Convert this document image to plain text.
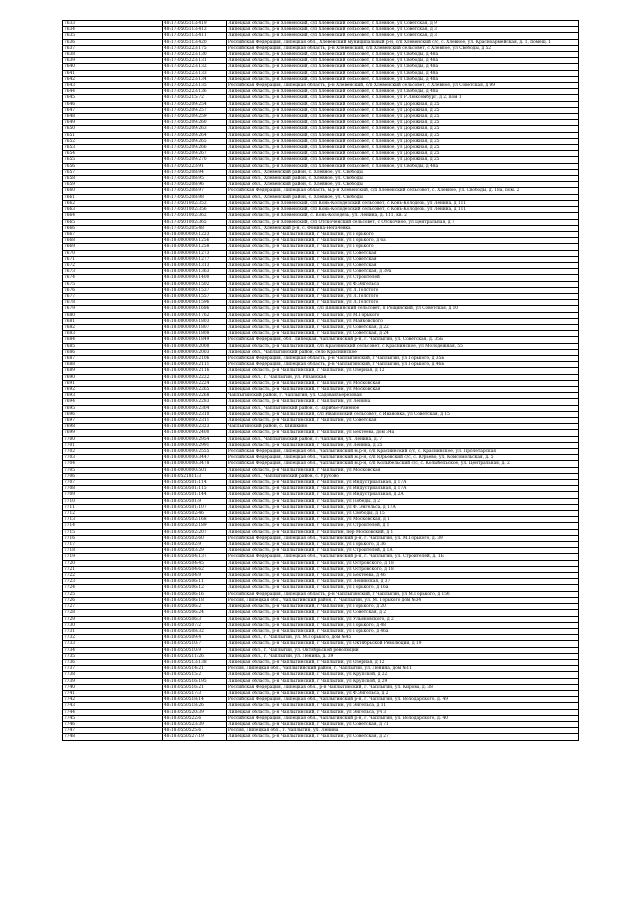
7633	48:17:0505113:419	Липецкая область, р-н Хлевенский, с/п Хлевенский сельсовет, с Хлевное, ул Советская, д 9
7634	48:17:0505113:413	Липецкая область, р-н Хлевенский, с/п Хлевенский сельсовет, с Хлевное, ул Советская, д 3
7635	48:17:0505113:411	Липецкая область, р-н Хлевенский, с/п Хлевенский сельсовет, с Хлевное, ул Советская, д 3
7636	48:17:0505113:420	Российская Федерация, Липецкая обл., Хлевенский муниципальный р-н, с/п Хлевенский с/с, с. Хлевное, ул. Красноармейская, д. 1, помещ. 1
7637	48:17:0505223:175	Российская Федерация, Липецкая область, р-н Хлевенский, с/п Хлевенский сельсовет, с Хлевное, ул Свободы, д 52
7638	48:17:0505223:130	Липецкая область, р-н Хлевенский, с/п Хлевенский сельсовет, с Хлевное, ул Свободы, д 48а
7639	48:17:0505223:131	Липецкая область, р-н Хлевенский, с/п Хлевенский сельсовет, с Хлевное, ул Свободы, д 48а
7640	48:17:0505223:132	Липецкая область, р-н Хлевенский, с/п Хлевенский сельсовет, с Хлевное, ул Свободы, д 48а
7641	48:17:0505223:133	Липецкая область, р-н Хлевенский, с/п Хлевенский сельсовет, с Хлевное, ул Свободы, д 48а
7642	48:17:0505223:134	Липецкая область, р-н Хлевенский, с/п Хлевенский сельсовет, с Хлевное, ул Свободы, д 48а
7643	48:17:0505223:135	Российская Федерация, Липецкая область, р-н Хлевенский, с/п Хлевенский сельсовет, с Хлевное, ул Советская, д 99
7644	48:17:0505223:136	Липецкая область, р-н Хлевенский, с/п Хлевенский сельсовет, с Хлевное, ул Свободы, д 48а
7645	48:17:0505215:72	Липецкая область, р-н Хлевенский, с/п Хлевенский сельсовет, с Хлевное, ул Р.Люксембург, д 2, пом 1
7646	48:17:0505209:254	Липецкая область, р-н Хлевенский, с/п Хлевенский сельсовет, с Хлевное, ул Дорожная, д 25
7647	48:17:0505209:257	Липецкая область, р-н Хлевенский, с/п Хлевенский сельсовет, с Хлевное, ул Дорожная, д 25
7648	48:17:0505209:259	Липецкая область, р-н Хлевенский, с/п Хлевенский сельсовет, с Хлевное, ул Дорожная, д 25
7649	48:17:0505209:260	Липецкая область, р-н Хлевенский, с/п Хлевенский сельсовет, с Хлевное, ул Дорожная, д 25
7650	48:17:0505209:263	Липецкая область, р-н Хлевенский, с/п Хлевенский сельсовет, с Хлевное, ул Дорожная, д 25
7651	48:17:0505209:264	Липецкая область, р-н Хлевенский, с/п Хлевенский сельсовет, с Хлевное, ул Дорожная, д 25
7652	48:17:0505209:265	Липецкая область, р-н Хлевенский, с/п Хлевенский сельсовет, с Хлевное, ул Дорожная, д 25
7653	48:17:0505209:266	Липецкая область, р-н Хлевенский, с/п Хлевенский сельсовет, с Хлевное, ул Дорожная, д 25
7654	48:17:0505209:267	Липецкая область, р-н Хлевенский, с/п Хлевенский сельсовет, с Хлевное, ул Дорожная, д 25
7655	48:17:0505209:270	Липецкая область, р-н Хлевенский, с/п Хлевенский сельсовет, с Хлевное, ул Дорожная, д 25
7656	48:17:0505223:91	Липецкая область, р-н Хлевенский, с/п Хлевенский сельсовет, с Хлевное, ул Свободы, д 48а
7657	48:17:0505208:94	Липецкая обл., Хлевенский район, с. Хлевное, ул. Свободы
7658	48:17:0505208:95	Липецкая обл., Хлевенский район, с. Хлевное, ул. Свободы
7659	48:17:0505208:96	Липецкая обл., Хлевенский район, с. Хлевное, ул. Свободы
7660	48:17:0505208:97	Российская Федерация, Липецкая область, м.р-н Хлевенский, с/п Хлевенский сельсовет, с. Хлевное, ул. Свободы, д. 18а, пом. 2
7661	48:17:0505208:98	Липецкая обл., Хлевенский район, с. Хлевное, ул. Свободы
7662	48:17:0501002:353	Липецкая область, р-н Хлевенский, с/п Конь-Колодезский сельсовет, с Конь-Колодезь, ул Ленина, д 111
7663	48:17:0501002:356	Липецкая область, р-н Хлевенский, с/п Конь-Колодезский сельсовет, с Конь-Колодезь, ул Ленина, д 111
7664	48:17:0501002:362	Липецкая область, р-н Хлевенский, с. Конь-Колодезь, ул. Ленина, д. 111, кв. 2
7665	48:17:0501002:365	Липецкая область, р-н Хлевенский, с/п Отскоченский сельсовет, с Отскочное, ул Центральная, д 7
7666	48:17:0505205:48	Липецкая обл., Хлевенский р-н, с. Фомина-Негачевка
7667	48:18:0000000:1223	Липецкая область, р-н Чаплыгинский, г Чаплыгин, ул Горького
7668	48:18:0000000:1256	Липецкая область, р-н Чаплыгинский, г Чаплыгин, ул Горького, д 6а
7669	48:18:0000000:1258	Липецкая область, р-н Чаплыгинский, г Чаплыгин, ул Горького
7670	48:18:0000000:1273	Липецкая область, р-н Чаплыгинский, г Чаплыгин, ул Советская
7671	48:18:0000000:1277	Липецкая область, р-н Чаплыгинский, г Чаплыгин, ул Советская
7672	48:18:0000000:1313	Липецкая область, р-н Чаплыгинский, г Чаплыгин, ул Советская
7673	48:18:0000000:1363	Липецкая область, р-н Чаплыгинский, г Чаплыгин, ул Советская, д 39а
7674	48:18:0000000:1400	Липецкая область, р-н Чаплыгинский, г Чаплыгин, ул Строителей
7675	48:18:0000000:1502	Липецкая область, р-н Чаплыгинский, г Чаплыгин, ул Ф.Энгельса
7676	48:18:0000000:1537	Липецкая область, р-н Чаплыгинский, г Чаплыгин, ул Л.Толстого
7677	48:18:0000000:1557	Липецкая область, р-н Чаплыгинский, г Чаплыгин, ул Л.Толстого
7678	48:18:0000000:1596	Липецкая область, р-н Чаплыгинский, г Чаплыгин, ул Л.Толстого
7679	48:18:0000000:1686	Липецкая область, р-н Чаплыгинский, с/п Шишкинский сельсовет, п Рощинский, ул Советская, д 10
7680	48:18:0000000:1762	Липецкая область, р-н Чаплыгинский, г Чаплыгин, ул М.Горького
7681	48:18:0000000:1803	Липецкая область, р-н Чаплыгинский, г Чаплыгин, ул Маяковского
7682	48:18:0000000:1807	Липецкая область, р-н Чаплыгинский, г Чаплыгин, ул Советская, д 22
7683	48:18:0000000:1808	Липецкая область, р-н Чаплыгинский, г Чаплыгин, ул Советская, д 24
7684	48:18:0000000:1849	Российская Федерация, обл. Липецкая, Чаплыгинский р-н, г. Чаплыгин, ул. Советская, д. 35Б
7685	48:18:0000000:2000	Липецкая область, р-н Чаплыгинский, с/п Краснинский сельсовет, с Краснинское, ул Молодежная, 55
7686	48:18:0000000:2003	Липецкая обл., Чаплыгинский район, село Краснинское
7687	48:18:0000000:2106	Российская Федерация, Липецкая область, р-н Чаплыгинский, г Чаплыгин, ул Горького, д 35Б
7688	48:18:0000000:2111	Российская Федерация, Липецкая область, р-н Чаплыгинский, г Чаплыгин, ул Горького, д 46Б
7689	48:18:0000000:2116	Липецкая область, р-н Чаплыгинский, г Чаплыгин, ул Озерная, д 12
7690	48:18:0000000:2222	Липецкая обл., г. Чаплыгин, ул. Рязанская
7691	48:18:0000000:2224	Липецкая область, р-н Чаплыгинский, г Чаплыгин, ул Московская
7692	48:18:0000000:2265	Липецкая область, р-н Чаплыгинский, г Чаплыгин, ул Московская
7693	48:18:0000000:2268	Чаплыгинский район, г. Чаплыгин, ул. Садовая/Березовая
7694	48:18:0000000:2283	Липецкая область, р-н Чаплыгинский, г Чаплыгин, ул Ленина
7695	48:18:0000000:2304	Липецкая обл., Чаплыгинский район, с. Зарибье-Раненое
7696	48:18:0000000:2310	Липецкая область, р-н Чаплыгинский, с/п Ивановский сельсовет, с Ивановка, ул Советская, д 15
7697	48:18:0000000:2311	Липецкая область, р-н Чаплыгинский, г Чаплыгин, ул Советская
7698	48:18:0000000:2323	Чаплыгинский район, с. Шишкино
7699	48:18:0000000:2400	Липецкая область, р-н Чаплыгинский, г Чаплыгин, ул Бехтеева, дом 34а
7700	48:18:0000000:2954	Липецкая обл., Чаплыгинский район, г. Чаплыгин, ул. Ленина, д. 7
7701	48:18:0000000:2991	Липецкая область, р-н Чаплыгинский, г Чаплыгин, ул Ленина, д 25
7702	48:18:0000000:2555	Российская Федерация, Липецкая обл., Чаплыгинский м.р-н, с/п Краснинский с/с, с. Краснинское, ул. Пролетарская
7703	48:18:0000000:3447	Российская Федерация, Липецкая обл., Чаплыгинский м.р-н, с/п Юрьевский с/с, с. Юрьево, ул. Комсомольская, д. 5
7704	48:18:0000000:3478	Российская Федерация, Липецкая обл., Чаплыгинский м.р-н, с/п Колыбельский с/с, с. Колыбельское, ул. Центральная, д. 2
7705	48:18:0000000:501	Липецкая область, р-н Чаплыгинский, г Чаплыгин, ул Московская
7706	48:18:0521811:3	Липецкая обл., Чаплыгинский район, с. Урусово
7707	48:18:0550501:114	Липецкая область, р-н Чаплыгинский, г Чаплыгин, ул Индустриальная, д 17А
7708	48:18:0550501:115	Липецкая область, р-н Чаплыгинский, г Чаплыгин, ул Индустриальная, д 17А
7709	48:18:0550501:144	Липецкая область, р-н Чаплыгинский, г Чаплыгин, ул Индустриальная, д 2А
7710	48:18:0550501:9	Липецкая область, р-н Чаплыгинский, г Чаплыгин, ул Победы, д 2
7711	48:18:0550501:107	Липецкая область, р-н Чаплыгинский, г Чаплыгин, ул Ф. Энгельса, д 17А
7712	48:18:0550502:46	Липецкая область, р-н Чаплыгинский, г Чаплыгин, ул Свободы, д 15
7713	48:18:0550502:168	Липецкая область, р-н Чаплыгинский, г Чаплыгин, ул Московская, д 1
7714	48:18:0550502:189	Липецкая область, р-н Чаплыгинский, г Чаплыгин, ул Строителей, д 1
7715	48:18:0550502:207	Липецкая область, р-н Чаплыгинский, г Чаплыгин, пер Московский, д 1
7716	48:18:0550502:60	Российская Федерация, Липецкая обл., Чаплыгинский р-н, г. Чаплыгин, ул. М.Горького, д. 39
7717	48:18:0550502:9	Липецкая область, р-н Чаплыгинский, г Чаплыгин, ул Горького, д 36
7718	48:18:0550503:29	Липецкая область, р-н Чаплыгинский, г Чаплыгин, ул Строителей, д 1А
7719	48:18:0550504:137	Российская Федерация, Липецкая обл., Чаплыгинский р-н, г. Чаплыгин, ул. Строителей, д. 1Б
7720	48:18:0550504:45	Липецкая область, р-н Чаплыгинский, г Чаплыгин, ул Островского, д 18
7721	48:18:0550504:62	Липецкая область, р-н Чаплыгинский, г Чаплыгин, ул Островского, д 18
7722	48:18:0550504:9	Липецкая область, р-н Чаплыгинский, г Чаплыгин, ул Бехтеева, д 46
7723	48:18:0550506:11	Липецкая область, р-н Чаплыгинский, г Чаплыгин, ул Ленинская, д 37
7724	48:18:0550506:12	Липецкая область, р-н Чаплыгинский, г Чаплыгин, ул Горького, д 16а
7725	48:18:0550506:16	Российская Федерация, Липецкая область, р-н Чаплыгинский, г Чаплыгин, ул М.Горького, д 15б
7726	48:18:0550506:18	Россия, Липецкая обл., Чаплыгинский район, г. Чаплыгин, ул. М. Горького дом №34
7727	48:18:0550506:2	Липецкая область, р-н Чаплыгинский, г Чаплыгин, ул Горького, д 20
7728	48:18:0550506:24	Липецкая область, р-н Чаплыгинский, г Чаплыгин, ул Советская, д 2
7729	48:18:0550506:3	Липецкая область, р-н Чаплыгинский, г Чаплыгин, ул Ульяновского, д 2
7730	48:18:0550507:2	Липецкая область, р-н Чаплыгинский, г Чаплыгин, ул Горького, д 48
7731	48:18:0550508:32	Липецкая область, р-н Чаплыгинский, г Чаплыгин, ул Горького, д 46а
7732	48:18:0550509:4	Липецкая обл., г. Чаплыгин, ул. М.Горького, дом №45
7733	48:18:0550510:7	Липецкая область, р-н Чаплыгинский, г Чаплыгин, ул Октябрьской Революции, д 19
7734	48:18:0550510:9	Липецкая обл., г. Чаплыгин, ул. Октябрьской революции
7735	48:18:0550511:26	Липецкая обл., г. Чаплыгин, ул. Ленина, д. 39
7736	48:18:0550513:138	Липецкая область, р-н Чаплыгинский, г Чаплыгин, ул Озерная, д 12
7737	48:18:0550514:21	Россия, Липецкая обл., Чаплыгинский район, г. Чаплыгин, ул. Ленина, дом №11
7738	48:18:0550515:2	Липецкая область, р-н Чаплыгинский, г Чаплыгин, ул Крупской, д 22
7739	48:18:0550516:195	Липецкая область, р-н Чаплыгинский, г Чаплыгин, ул Крупской, д 29
7740	48:18:0550516:21	Российская Федерация, Липецкая обл., р-н Чаплыгинский, г. Чаплыгин, ул. Кирова, д. 38
7741	48:18:0550517:3	Липецкая область, р-н Чаплыгинский, г Чаплыгин, ул Ф.Энгельса, д 2
7742	48:18:0550518:14	Российская Федерация, Липецкая обл., Чаплыгинский р-н, г. Чаплыгин, ул. Володарского, д. 49
7743	48:18:0550518:26	Липецкая область, р-н Чаплыгинский, г Чаплыгин, ул Энгельса, д 11
7744	48:18:0550520:39	Липецкая область, р-н Чаплыгинский, г Чаплыгин, ул Энгельса, уч 3
7745	48:18:0550522:6	Российская Федерация, Липецкая обл., Чаплыгинский р-н, г. Чаплыгин, ул. Володарского, д. 40
7746	48:18:0550523:39	Липецкая область, р-н Чаплыгинский, г Чаплыгин, ул Советская, д 71
7747	48:18:0550525:6	Россия, Липецкая обл., г. Чаплыгин, ул. Ленина
7748	48:18:0550527:19	Липецкая область, р-н Чаплыгинский, г Чаплыгин, ул Советская, д 27
